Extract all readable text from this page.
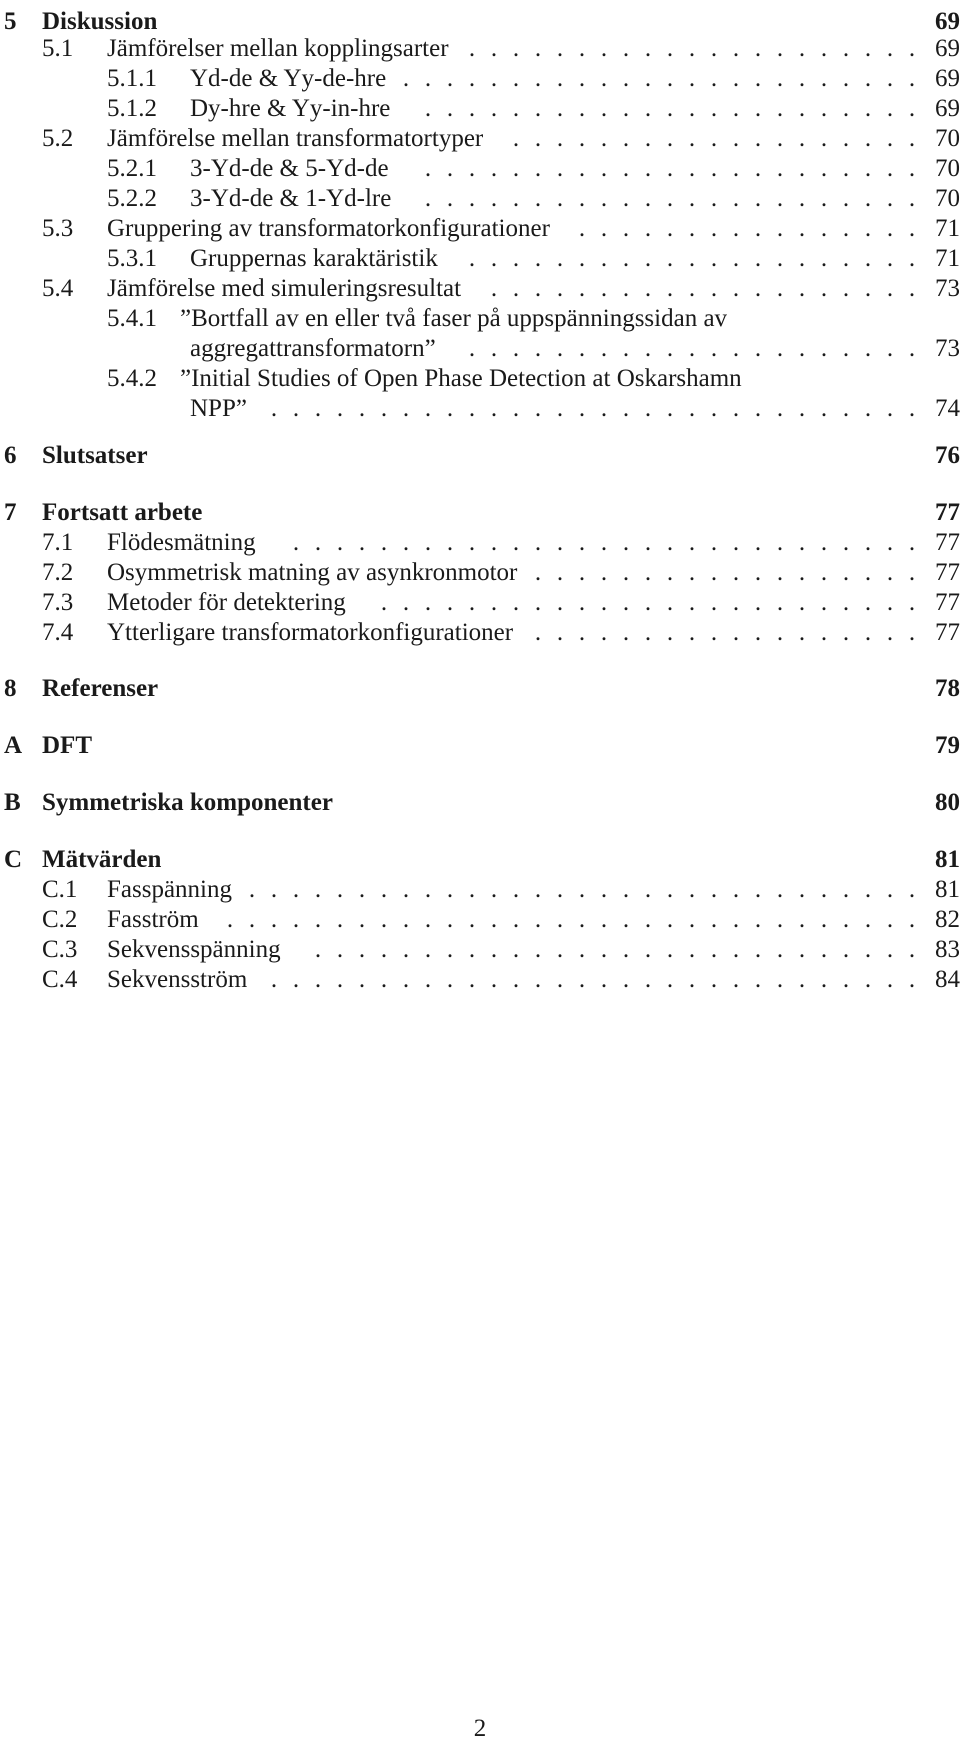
5 Diskussion	69
5.1 Jämförelser mellan kopplingsarter	69
. . . . . . . . . . . . . . . . . . . . .
5.1.1 Yd-de & Yy-de-hre	69
. . . . . . . . . . . . . . . . . . . . . . . .
5.1.2 Dy-hre & Yy-in-hre	69
. . . . . . . . . . . . . . . . . . . . . . .
5.2 Jämförelse mellan transformatortyper	70
. . . . . . . . . . . . . . . . . . .
5.2.1 3-Yd-de & 5-Yd-de	70
. . . . . . . . . . . . . . . . . . . . . . .
5.2.2 3-Yd-de & 1-Yd-lre	70
. . . . . . . . . . . . . . . . . . . . . . .
5.3 Gruppering av transformatorkonfigurationer	71
. . . . . . . . . . . . . . . .
5.3.1 Gruppernas karaktäristik	71
. . . . . . . . . . . . . . . . . . . . .
5.4 Jämförelse med simuleringsresultat	73
. . . . . . . . . . . . . . . . . . . .
5.4.1 ”Bortfall av en eller två faser på uppspänningssidan av
aggregattransformatorn”	73
. . . . . . . . . . . . . . . . . . . . .
5.4.2 ”Initial Studies of Open Phase Detection at Oskarshamn
NPP”	74
. . . . . . . . . . . . . . . . . . . . . . . . . . . . . .
6 Slutsatser	76
7 Fortsatt arbete	77
7.1 Flödesmätning	77
. . . . . . . . . . . . . . . . . . . . . . . . . . . . .
7.2 Osymmetrisk matning av asynkronmotor	77
. . . . . . . . . . . . . . . . . .
7.3 Metoder för detektering	77
. . . . . . . . . . . . . . . . . . . . . . . . .
7.4 Ytterligare transformatorkonfigurationer	77
. . . . . . . . . . . . . . . . . .
8 Referenser	78
A DFT	79
B Symmetriska komponenter	80
C Mätvärden	81
C.1 Fasspänning	81
. . . . . . . . . . . . . . . . . . . . . . . . . . . . . . .
C.2 Fasström	82
. . . . . . . . . . . . . . . . . . . . . . . . . . . . . . . .
C.3 Sekvensspänning	83
. . . . . . . . . . . . . . . . . . . . . . . . . . . .
C.4 Sekvensström	84
. . . . . . . . . . . . . . . . . . . . . . . . . . . . . .
2
